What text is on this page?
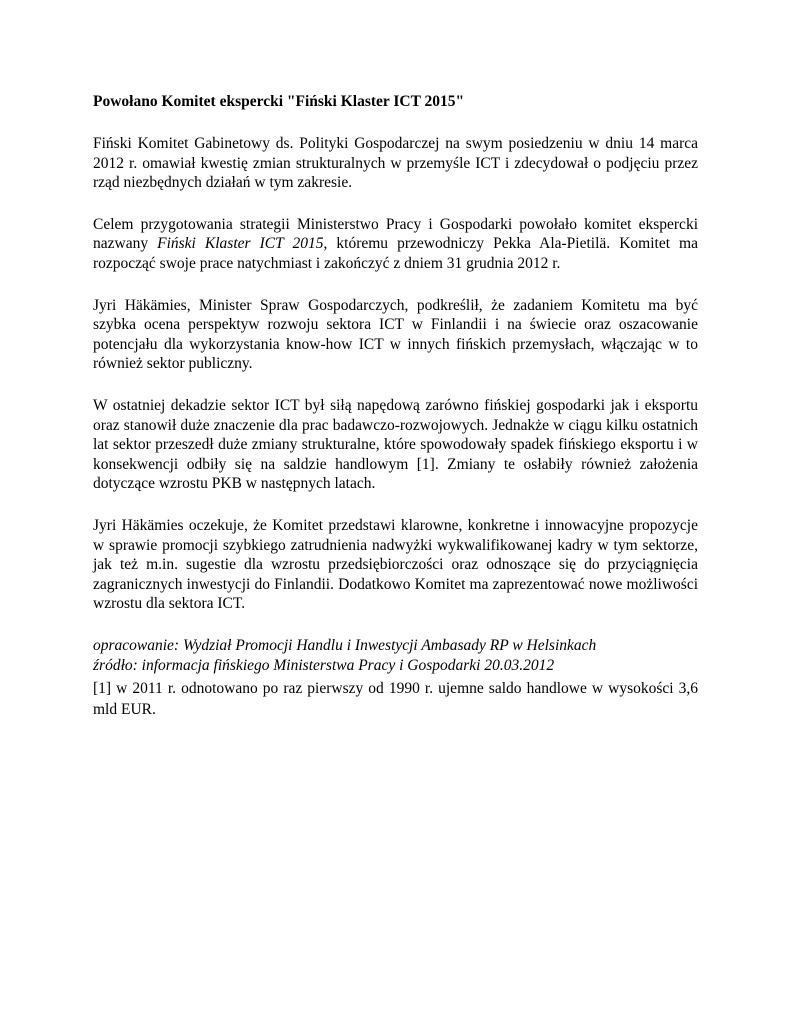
Powołano Komitet ekspercki "Fiński Klaster ICT 2015"

Fiński Komitet Gabinetowy ds. Polityki Gospodarczej na swym posiedzeniu w dniu 14 marca 2012 r. omawiał kwestię zmian strukturalnych w przemyśle ICT i zdecydował o podjęciu przez rząd niezbędnych działań w tym zakresie.

Celem przygotowania strategii Ministerstwo Pracy i Gospodarki powołało komitet ekspercki nazwany Fiński Klaster ICT 2015, któremu przewodniczy Pekka Ala-Pietilä. Komitet ma rozpocząć swoje prace natychmiast i zakończyć z dniem 31 grudnia 2012 r.

Jyri Häkämies, Minister Spraw Gospodarczych, podkreślił, że zadaniem Komitetu ma być szybka ocena perspektyw rozwoju sektora ICT w Finlandii i na świecie oraz oszacowanie potencjału dla wykorzystania know-how ICT w innych fińskich przemysłach, włączając w to również sektor publiczny.

W ostatniej dekadzie sektor ICT był siłą napędową zarówno fińskiej gospodarki jak i eksportu oraz stanowił duże znaczenie dla prac badawczo-rozwojowych. Jednakże w ciągu kilku ostatnich lat sektor przeszedł duże zmiany strukturalne, które spowodowały spadek fińskiego eksportu i w konsekwencji odbiły się na saldzie handlowym [1]. Zmiany te osłabiły również założenia dotyczące wzrostu PKB w następnych latach.

Jyri Häkämies oczekuje, że Komitet przedstawi klarowne, konkretne i innowacyjne propozycje w sprawie promocji szybkiego zatrudnienia nadwyżki wykwalifikowanej kadry w tym sektorze, jak też m.in. sugestie dla wzrostu przedsiębiorczości oraz odnoszące się do przyciągnięcia zagranicznych inwestycji do Finlandii. Dodatkowo Komitet ma zaprezentować nowe możliwości wzrostu dla sektora ICT.

opracowanie: Wydział Promocji Handlu i Inwestycji Ambasady RP w Helsinkach

źródło: informacja fińskiego Ministerstwa Pracy i Gospodarki 20.03.2012

[1] w 2011 r. odnotowano po raz pierwszy od 1990 r. ujemne saldo handlowe w wysokości 3,6 mld EUR.
